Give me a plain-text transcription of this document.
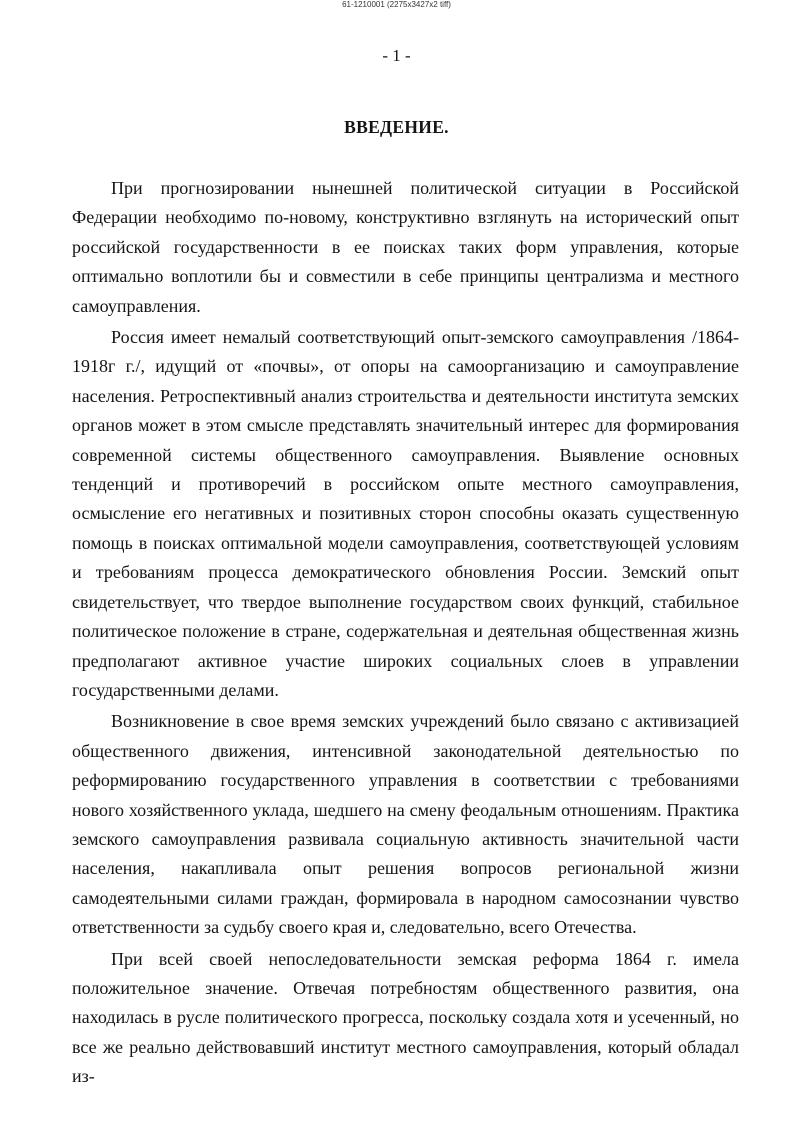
61-1210001 (2275x3427x2 tiff)
- 1 -
ВВЕДЕНИЕ.

При прогнозировании нынешней политической ситуации в Российской Федерации необходимо по-новому, конструктивно взглянуть на исторический опыт российской государственности в ее поисках таких форм управления, которые оптимально воплотили бы и совместили в себе принципы централизма и местного самоуправления.

Россия имеет немалый соответствующий опыт-земского самоуправления /1864-1918г г./, идущий от «почвы», от опоры на самоорганизацию и самоуправление населения. Ретроспективный анализ строительства и деятельности института земских органов может в этом смысле представлять значительный интерес для формирования современной системы общественного самоуправления. Выявление основных тенденций и противоречий в российском опыте местного самоуправления, осмысление его негативных и позитивных сторон способны оказать существенную помощь в поисках оптимальной модели самоуправления, соответствующей условиям и требованиям процесса демократического обновления России. Земский опыт свидетельствует, что твердое выполнение государством своих функций, стабильное политическое положение в стране, содержательная и деятельная общественная жизнь предполагают активное участие широких социальных слоев в управлении государственными делами.

Возникновение в свое время земских учреждений было связано с активизацией общественного движения, интенсивной законодательной деятельностью по реформированию государственного управления в соответствии с требованиями нового хозяйственного уклада, шедшего на смену феодальным отношениям. Практика земского самоуправления развивала социальную активность значительной части населения, накапливала опыт решения вопросов региональной жизни самодеятельными силами граждан, формировала в народном самосознании чувство ответственности за судьбу своего края и, следовательно, всего Отечества.

При всей своей непоследовательности земская реформа 1864 г. имела положительное значение. Отвечая потребностям общественного развития, она находилась в русле политического прогресса, поскольку создала хотя и усеченный, но все же реально действовавший институт местного самоуправления, который обладал из-
